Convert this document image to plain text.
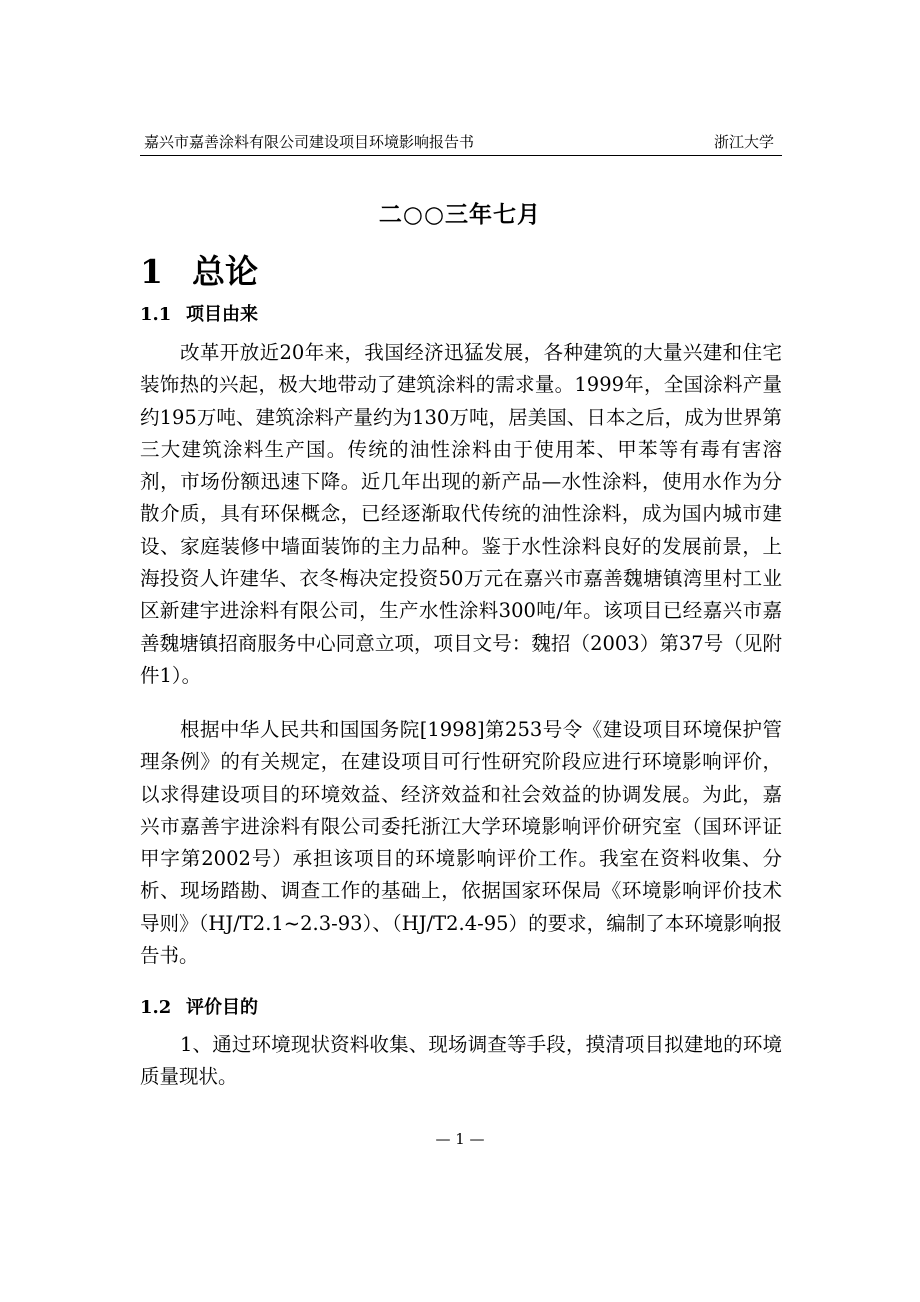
嘉兴市嘉善涂料有限公司建设项目环境影响报告书	浙江大学
二○○三年七月
1 总论
1.1 项目由来

改革开放近20年来，我国经济迅猛发展，各种建筑的大量兴建和住宅装饰热的兴起，极大地带动了建筑涂料的需求量。1999年，全国涂料产量约195万吨、建筑涂料产量约为130万吨，居美国、日本之后，成为世界第三大建筑涂料生产国。传统的油性涂料由于使用苯、甲苯等有毒有害溶剂，市场份额迅速下降。近几年出现的新产品—水性涂料，使用水作为分散介质，具有环保概念，已经逐渐取代传统的油性涂料，成为国内城市建设、家庭装修中墙面装饰的主力品种。鉴于水性涂料良好的发展前景，上海投资人许建华、衣冬梅决定投资50万元在嘉兴市嘉善魏塘镇湾里村工业区新建宇进涂料有限公司，生产水性涂料300吨/年。该项目已经嘉兴市嘉善魏塘镇招商服务中心同意立项，项目文号：魏招（2003）第37号（见附件1）。

根据中华人民共和国国务院[1998]第253号令《建设项目环境保护管理条例》的有关规定，在建设项目可行性研究阶段应进行环境影响评价，以求得建设项目的环境效益、经济效益和社会效益的协调发展。为此，嘉兴市嘉善宇进涂料有限公司委托浙江大学环境影响评价研究室（国环评证甲字第2002号）承担该项目的环境影响评价工作。我室在资料收集、分析、现场踏勘、调查工作的基础上，依据国家环保局《环境影响评价技术导则》（HJ/T2.1~2.3-93）、（HJ/T2.4-95）的要求，编制了本环境影响报告书。

1.2 评价目的

1、通过环境现状资料收集、现场调查等手段，摸清项目拟建地的环境质量现状。

— 1 —
